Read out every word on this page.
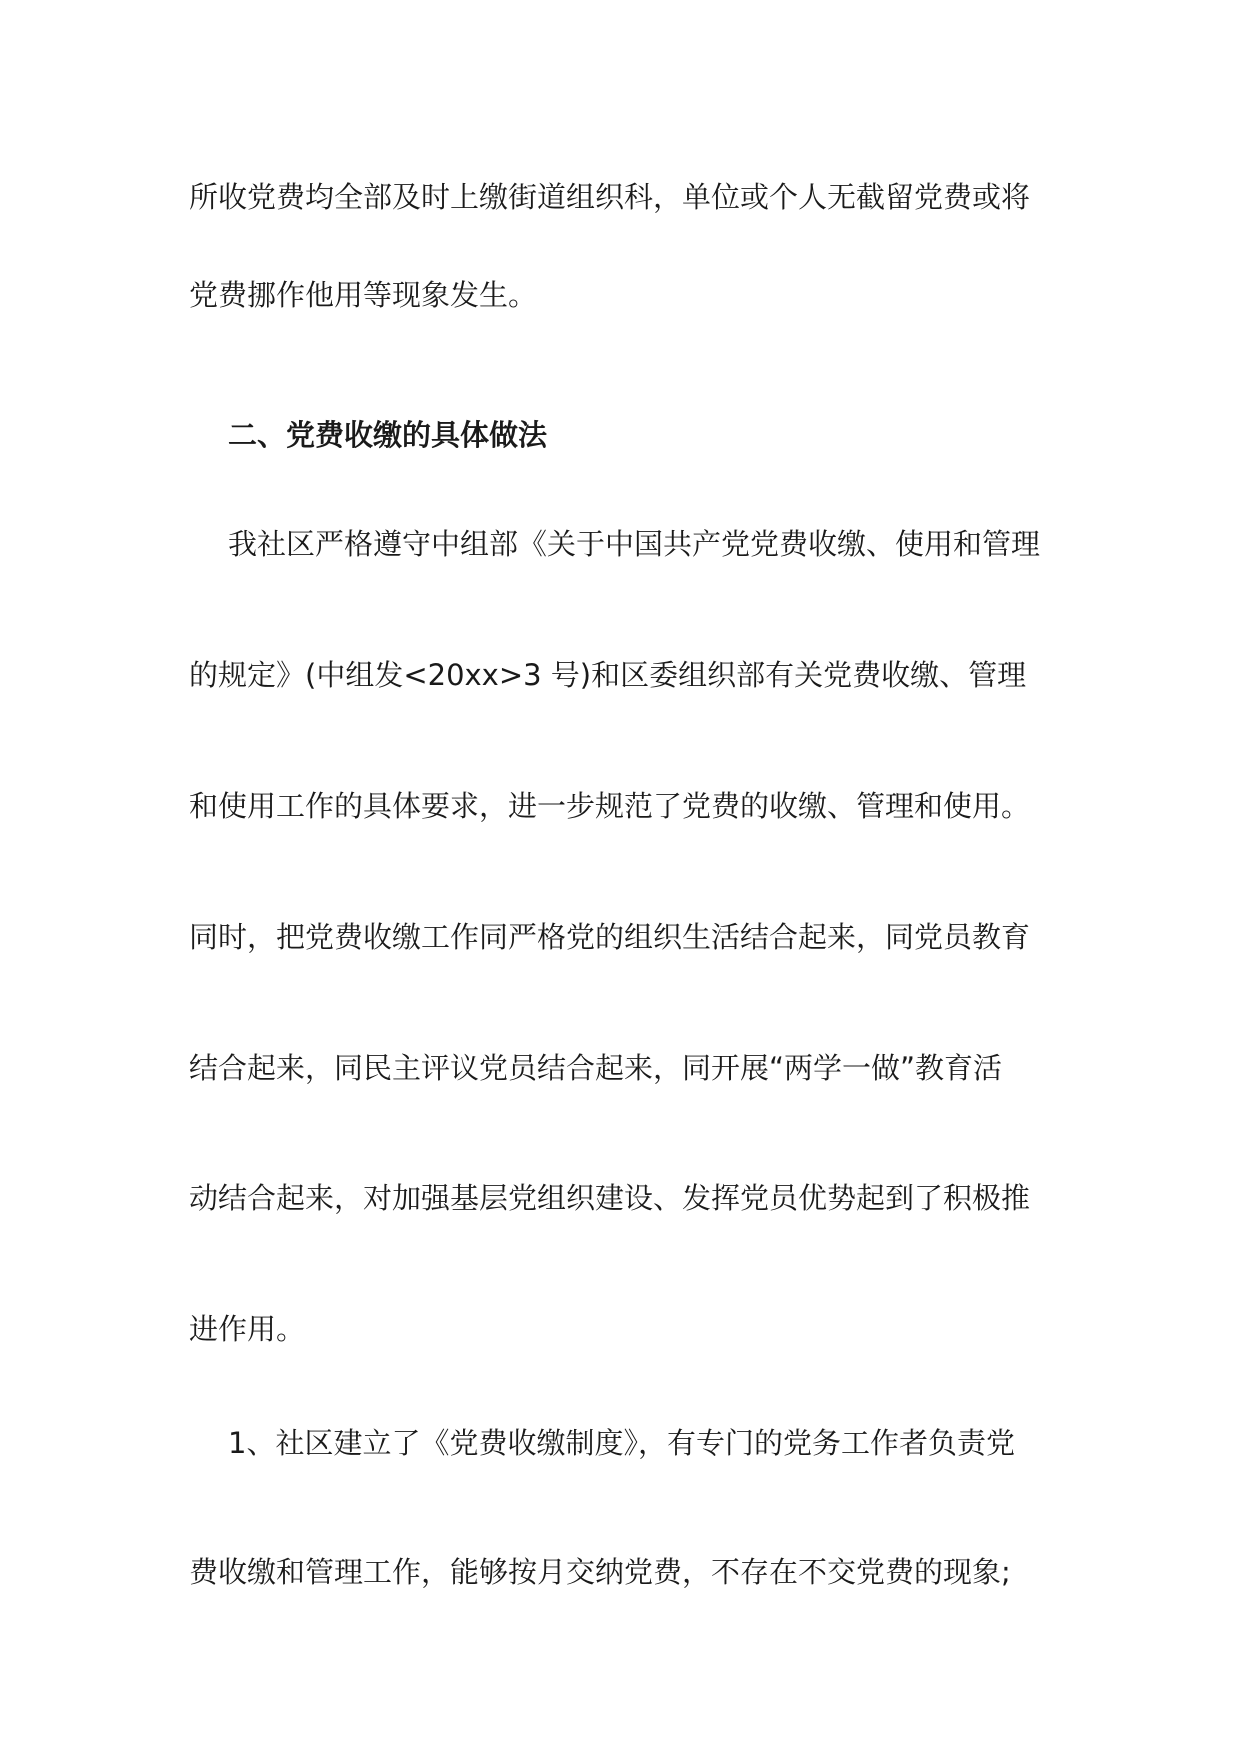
所收党费均全部及时上缴街道组织科，单位或个人无截留党费或将
党费挪作他用等现象发生。
二、党费收缴的具体做法
我社区严格遵守中组部《关于中国共产党党费收缴、使用和管理
的规定》(中组发<20xx>3 号)和区委组织部有关党费收缴、管理
和使用工作的具体要求，进一步规范了党费的收缴、管理和使用。
同时，把党费收缴工作同严格党的组织生活结合起来，同党员教育
结合起来，同民主评议党员结合起来，同开展“两学一做”教育活
动结合起来，对加强基层党组织建设、发挥党员优势起到了积极推
进作用。
1、社区建立了《党费收缴制度》，有专门的党务工作者负责党
费收缴和管理工作，能够按月交纳党费，不存在不交党费的现象;
